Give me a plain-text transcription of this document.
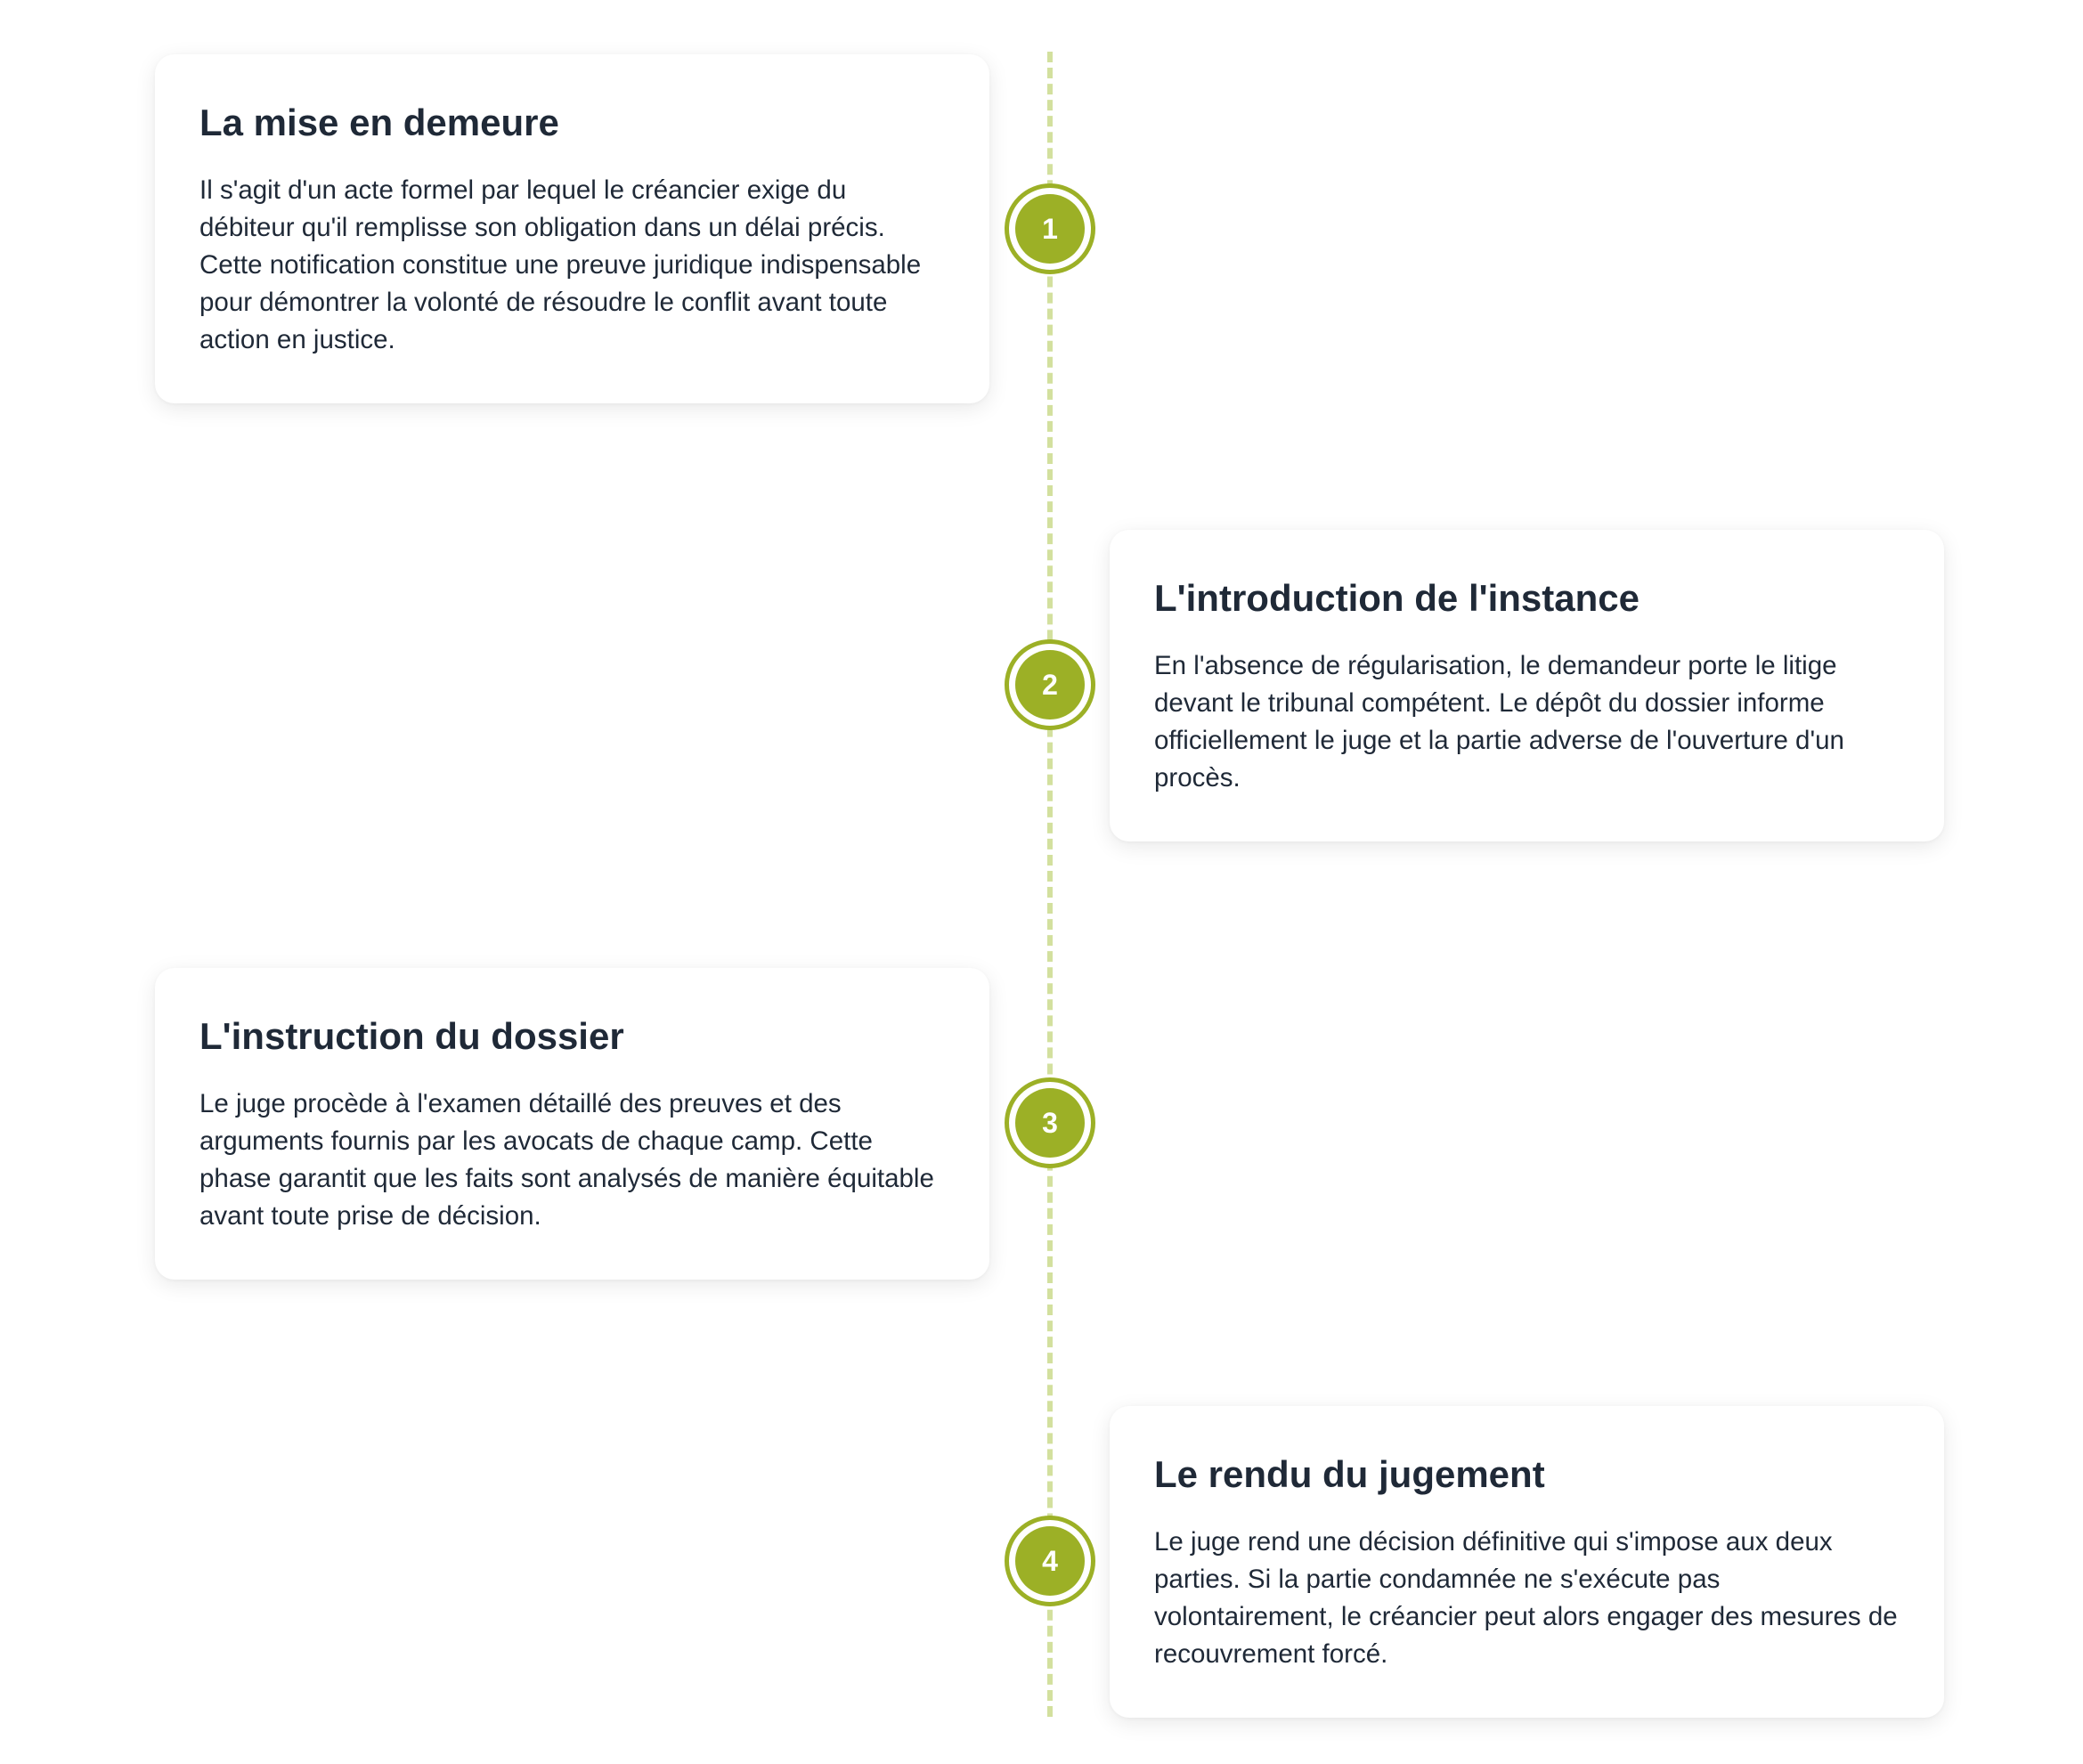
La mise en demeure

Il s'agit d'un acte formel par lequel le créancier exige du débiteur qu'il remplisse son obligation dans un délai précis. Cette notification constitue une preuve juridique indispensable pour démontrer la volonté de résoudre le conflit avant toute action en justice.

1
L'introduction de l'instance

En l'absence de régularisation, le demandeur porte le litige devant le tribunal compétent. Le dépôt du dossier informe officiellement le juge et la partie adverse de l'ouverture d'un procès.

2
L'instruction du dossier

Le juge procède à l'examen détaillé des preuves et des arguments fournis par les avocats de chaque camp. Cette phase garantit que les faits sont analysés de manière équitable avant toute prise de décision.

3
Le rendu du jugement

Le juge rend une décision définitive qui s'impose aux deux parties. Si la partie condamnée ne s'exécute pas volontairement, le créancier peut alors engager des mesures de recouvrement forcé.

4
